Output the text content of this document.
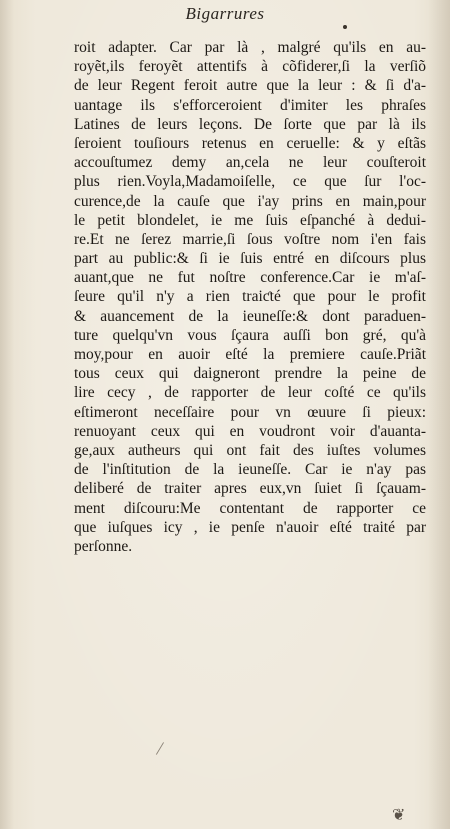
Bigarrures
roit adapter. Car par là , malgré qu'ils en au-
royẽt,ils feroyẽt attentifs à cõfiderer,ſi la verſiõ
de leur Regent feroit autre que la leur : & ſi d'a-
uantage ils s'efforceroient d'imiter les phraſes
Latines de leurs leçons. De ſorte que par là ils
ſeroient touſiours retenus en ceruelle: & y eſtãs
accouſtumez demy an,cela ne leur couſteroit
plus rien.Voyla,Madamoiſelle, ce que ſur l'oc-
curence,de la cauſe que i'ay prins en main,pour
le petit blondelet, ie me ſuis eſpanché à dedui-
re.Et ne ſerez marrie,ſi ſous voſtre nom i'en fais
part au public:& ſi ie ſuis entré en diſcours plus
auant,que ne fut noſtre conference.Car ie m'aſ-
ſeure qu'il n'y a rien traiƈté que pour le profit
& auancement de la ieuneſſe:& dont paraduen-
ture quelqu'vn vous ſçaura auſſi bon gré, qu'à
moy,pour en auoir eſté la premiere cauſe.Priãt
tous ceux qui daigneront prendre la peine de
lire cecy , de rapporter de leur coſté ce qu'ils
eſtimeront neceſſaire pour vn œuure ſi pieux:
renuoyant ceux qui en voudront voir d'auanta-
ge,aux autheurs qui ont fait des iuſtes volumes
de l'inſtitution de la ieuneſſe. Car ie n'ay pas
deliberé de traiter apres eux,vn ſuiet ſi ſçauam-
ment diſcouru:Me contentant de rapporter ce
que iuſques icy , ie penſe n'auoir eſté traité par
perſonne.
/
❦
